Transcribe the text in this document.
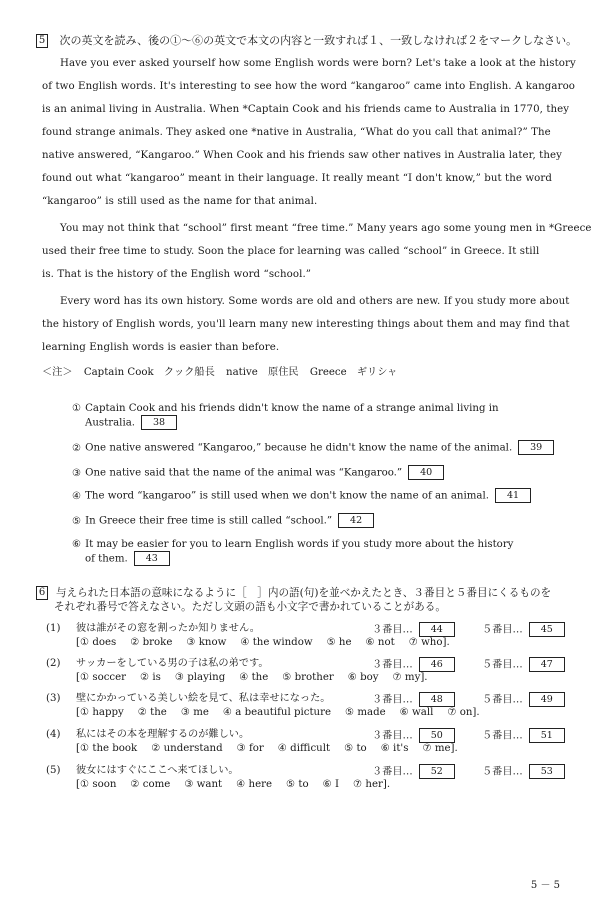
5 次の英文を読み、後の①～⑥の英文で本文の内容と一致すれば１、一致しなければ２をマークしなさい。
Have you ever asked yourself how some English words were born? Let's take a look at the history
of two English words. It's interesting to see how the word “kangaroo” came into English. A kangaroo
is an animal living in Australia. When *Captain Cook and his friends came to Australia in 1770, they
found strange animals. They asked one *native in Australia, “What do you call that animal?” The
native answered, “Kangaroo.” When Cook and his friends saw other natives in Australia later, they
found out what “kangaroo” meant in their language. It really meant “I don't know,” but the word
“kangaroo” is still used as the name for that animal.
You may not think that “school” first meant “free time.” Many years ago some young men in *Greece
used their free time to study. Soon the place for learning was called “school” in Greece. It still
is. That is the history of the English word “school.”
Every word has its own history. Some words are old and others are new. If you study more about
the history of English words, you'll learn many new interesting things about them and may find that
learning English words is easier than before.
＜注＞ Captain Cook　クック船長 native　原住民 Greece　ギリシャ
① Captain Cook and his friends didn't know the name of a strange animal living in
Australia. 38
② One native answered “Kangaroo,” because he didn't know the name of the animal. 39
③ One native said that the name of the animal was “Kangaroo.” 40
④ The word “kangaroo” is still used when we don't know the name of an animal. 41
⑤ In Greece their free time is still called “school.” 42
⑥ It may be easier for you to learn English words if you study more about the history
of them. 43
6 与えられた日本語の意味になるように［　］内の語(句)を並べかえたとき、３番目と５番目にくるものを
それぞれ番号で答えなさい。ただし文頭の語も小文字で書かれていることがある。
(1) 彼は誰がその窓を割ったか知りません。	３番目… 44	５番目… 45
[① does ② broke ③ know ④ the window ⑤ he ⑥ not ⑦ who].
(2) サッカーをしている男の子は私の弟です。	３番目… 46	５番目… 47
[① soccer ② is ③ playing ④ the ⑤ brother ⑥ boy ⑦ my].
(3) 壁にかかっている美しい絵を見て、私は幸せになった。	３番目… 48	５番目… 49
[① happy ② the ③ me ④ a beautiful picture ⑤ made ⑥ wall ⑦ on].
(4) 私にはその本を理解するのが難しい。	３番目… 50	５番目… 51
[① the book ② understand ③ for ④ difficult ⑤ to ⑥ it's ⑦ me].
(5) 彼女にはすぐにここへ来てほしい。	３番目… 52	５番目… 53
[① soon ② come ③ want ④ here ⑤ to ⑥ I ⑦ her].
5 － 5
